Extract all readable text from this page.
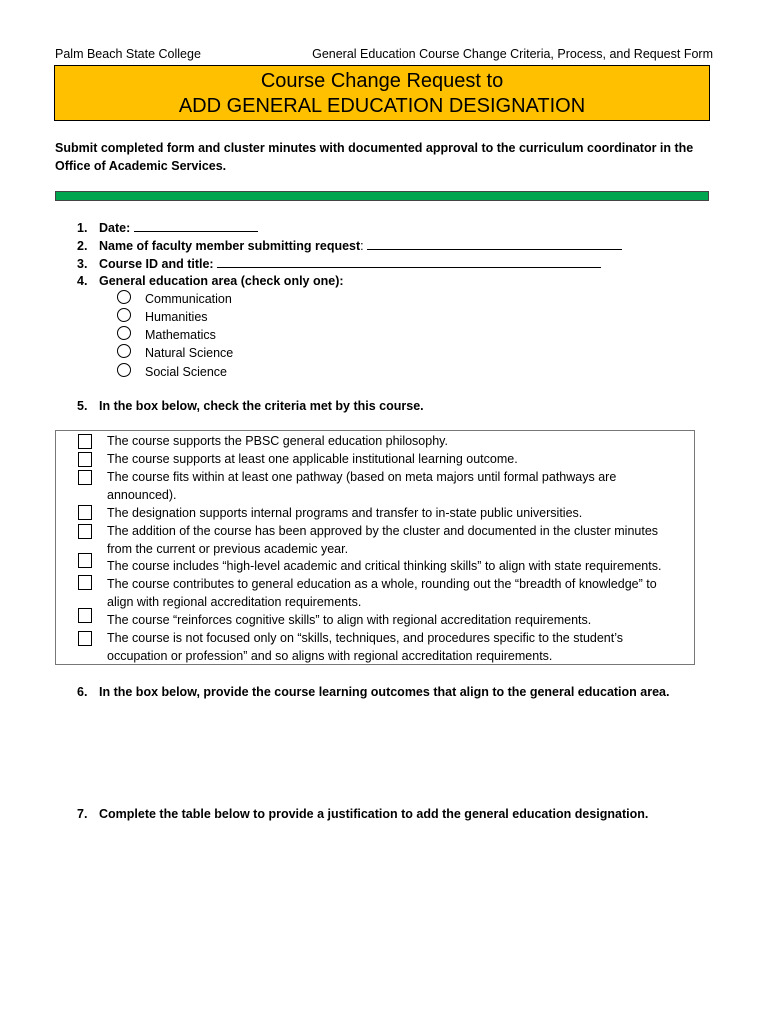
Palm Beach State College	General Education Course Change Criteria, Process, and Request Form
Course Change Request to
ADD GENERAL EDUCATION DESIGNATION
Submit completed form and cluster minutes with documented approval to the curriculum coordinator in the Office of Academic Services.
1. Date:
2. Name of faculty member submitting request:
3. Course ID and title:
4. General education area (check only one):
Communication
Humanities
Mathematics
Natural Science
Social Science
5. In the box below, check the criteria met by this course.
The course supports the PBSC general education philosophy.
The course supports at least one applicable institutional learning outcome.
The course fits within at least one pathway (based on meta majors until formal pathways are
announced).
The designation supports internal programs and transfer to in-state public universities.
The addition of the course has been approved by the cluster and documented in the cluster minutes
from the current or previous academic year.
The course includes “high-level academic and critical thinking skills” to align with state requirements.
The course contributes to general education as a whole, rounding out the “breadth of knowledge” to
align with regional accreditation requirements.
The course “reinforces cognitive skills” to align with regional accreditation requirements.
The course is not focused only on “skills, techniques, and procedures specific to the student’s
occupation or profession” and so aligns with regional accreditation requirements.
6. In the box below, provide the course learning outcomes that align to the general education area.
7. Complete the table below to provide a justification to add the general education designation.
